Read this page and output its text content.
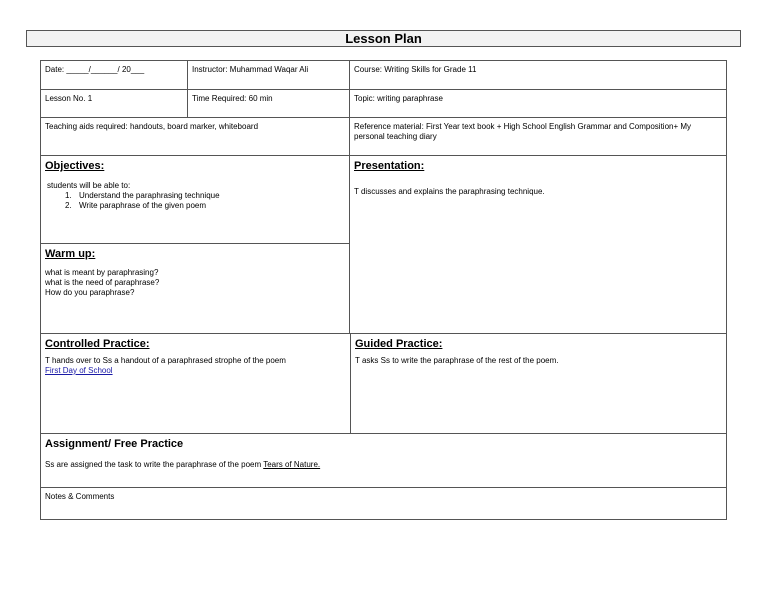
Lesson Plan
Date: _____/______/ 20___	Instructor: Muhammad Waqar Ali	Course: Writing Skills for Grade 11
Lesson No. 1	Time Required: 60 min	Topic: writing paraphrase
Teaching aids required: handouts, board marker, whiteboard	Reference material: First Year text book + High School English Grammar and Composition+ My personal teaching diary
Objectives:
students will be able to:
1. Understand the paraphrasing technique
2. Write paraphrase of the given poem
Warm up:
what is meant by paraphrasing?
what is the need of paraphrase?
How do you paraphrase?
Presentation:
T discusses and explains the paraphrasing technique.
Controlled Practice:
T hands over to Ss a handout of a paraphrased strophe of the poem
First Day of School
Guided Practice:
T asks Ss to write the paraphrase of the rest of the poem.
Assignment/ Free Practice
Ss are assigned the task to write the paraphrase of the poem Tears of Nature.
Notes & Comments
